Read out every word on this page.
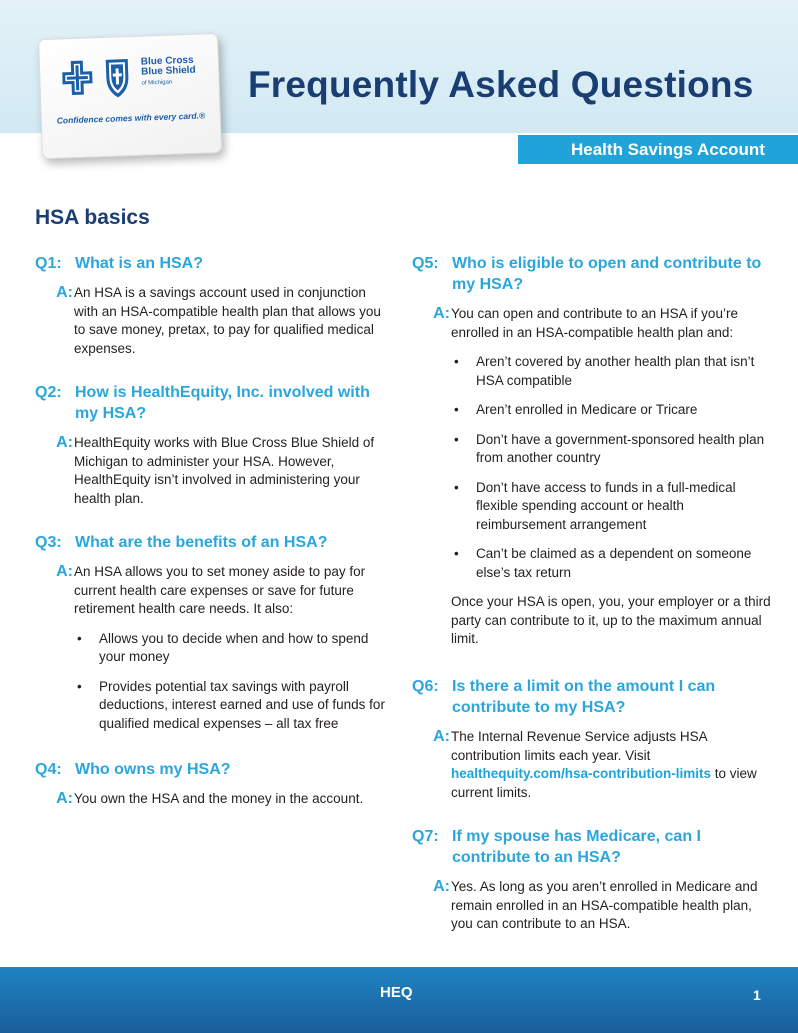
Blue Cross
Blue Shield
of Michigan
Confidence comes with every card.®
Frequently Asked Questions
Health Savings Account
HSA basics
Q1: What is an HSA?
A: An HSA is a savings account used in conjunction with an HSA-compatible health plan that allows you to save money, pretax, to pay for qualified medical expenses.

Q2: How is HealthEquity, Inc. involved with my HSA?
A: HealthEquity works with Blue Cross Blue Shield of Michigan to administer your HSA. However, HealthEquity isn’t involved in administering your health plan.

Q3: What are the benefits of an HSA?
A: An HSA allows you to set money aside to pay for current health care expenses or save for future retirement health care needs. It also:

• Allows you to decide when and how to spend your money
• Provides potential tax savings with payroll deductions, interest earned and use of funds for qualified medical expenses – all tax free
Q4: Who owns my HSA?
A: You own the HSA and the money in the account.

Q5: Who is eligible to open and contribute to my HSA?
A: You can open and contribute to an HSA if you’re enrolled in an HSA-compatible health plan and:

• Aren’t covered by another health plan that isn’t HSA compatible
• Aren’t enrolled in Medicare or Tricare
• Don’t have a government-sponsored health plan from another country
• Don’t have access to funds in a full-medical flexible spending account or health reimbursement arrangement
• Can’t be claimed as a dependent on someone else’s tax return

Once your HSA is open, you, your employer or a third party can contribute to it, up to the maximum annual limit.

Q6: Is there a limit on the amount I can contribute to my HSA?
A: The Internal Revenue Service adjusts HSA contribution limits each year. Visit healthequity.com/hsa-contribution-limits to view current limits.

Q7: If my spouse has Medicare, can I contribute to an HSA?
A: Yes. As long as you aren’t enrolled in Medicare and remain enrolled in an HSA-compatible health plan, you can contribute to an HSA.

HEQ	1
